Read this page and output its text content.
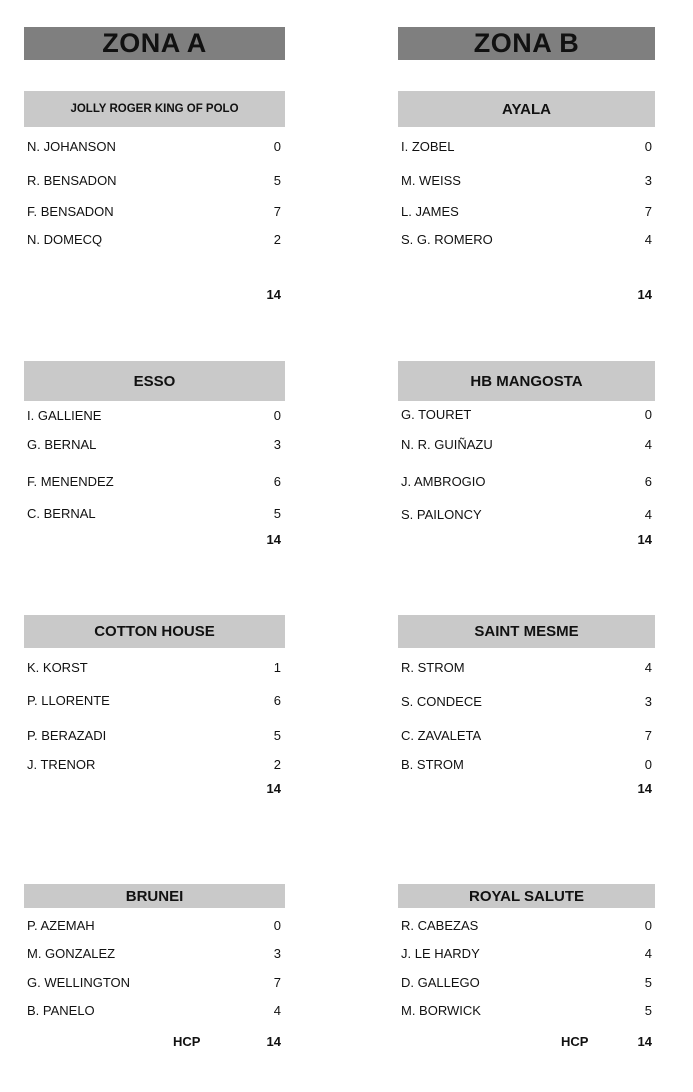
ZONA A
JOLLY ROGER KING OF POLO
N. JOHANSON	0
R. BENSADON	5
F. BENSADON	7
N. DOMECQ	2
14
ESSO
I. GALLIENE	0
G. BERNAL	3
F. MENENDEZ	6
C. BERNAL	5
14
COTTON HOUSE
K. KORST	1
P. LLORENTE	6
P. BERAZADI	5
J. TRENOR	2
14
BRUNEI
P. AZEMAH	0
M. GONZALEZ	3
G. WELLINGTON	7
B. PANELO	4
HCP	14
ZONA B
AYALA
I. ZOBEL	0
M. WEISS	3
L. JAMES	7
S. G. ROMERO	4
14
HB MANGOSTA
G. TOURET	0
N. R. GUIÑAZU	4
J. AMBROGIO	6
S. PAILONCY	4
14
SAINT MESME
R. STROM	4
S. CONDECE	3
C. ZAVALETA	7
B. STROM	0
14
ROYAL SALUTE
R. CABEZAS	0
J. LE HARDY	4
D. GALLEGO	5
M. BORWICK	5
HCP	14
